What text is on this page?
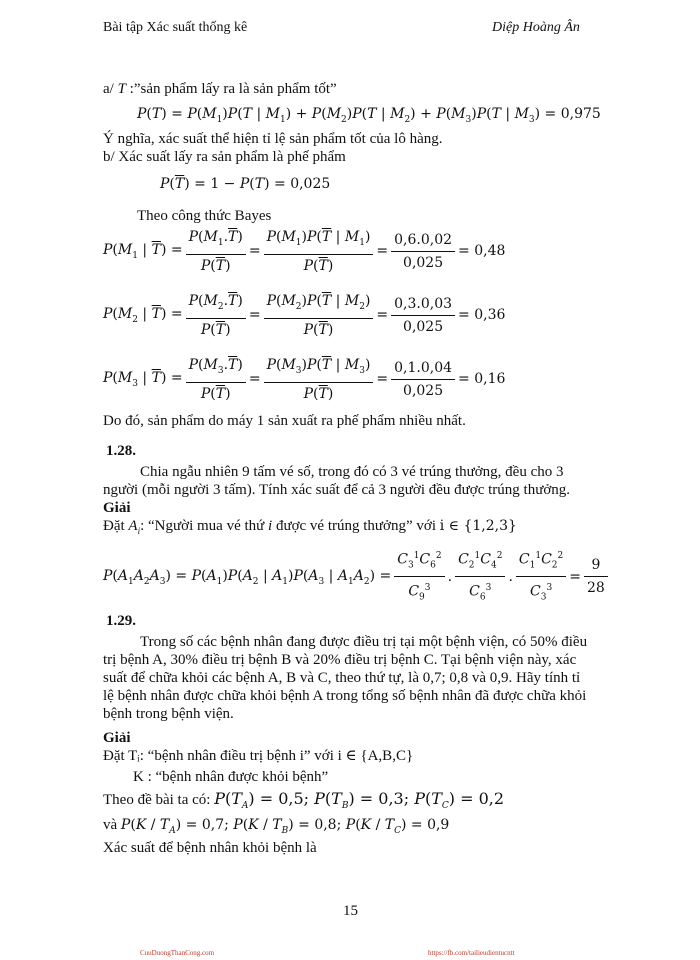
Bài tập Xác suất thống kê	Diệp Hoàng Ân
a/ T :”sản phẩm lấy ra là sản phẩm tốt”
$P(T) = P(M_1)P(T$ | $M_1) + P(M_2)P(T$ | $M_2) + P(M_3)P(T$ | $M_3) = 0,975$
Ý nghĩa, xác suất thể hiện tỉ lệ sản phẩm tốt của lô hàng.
b/ Xác suất lấy ra sản phẩm là phế phẩm
$P(\overline{T}) = 1 - P(T) = 0,025$
Theo công thức Bayes
$P(M_1$ | $\overline{T}) = \frac{P(M_1.\overline{T})}{P(\overline{T})} = \frac{P(M_1)P(\overline{T} | M_1)}{P(\overline{T})} = \frac{0,6.0,02}{0,025} = 0,48$
$P(M_2$ | $\overline{T}) = \frac{P(M_2.\overline{T})}{P(\overline{T})} = \frac{P(M_2)P(\overline{T} | M_2)}{P(\overline{T})} = \frac{0,3.0,03}{0,025} = 0,36$
$P(M_3$ | $\overline{T}) = \frac{P(M_3.\overline{T})}{P(\overline{T})} = \frac{P(M_3)P(\overline{T} | M_3)}{P(\overline{T})} = \frac{0,1.0,04}{0,025} = 0,16$
Do đó, sản phẩm do máy 1 sản xuất ra phế phẩm nhiều nhất.
1.28.
Chia ngẫu nhiên 9 tấm vé số, trong đó có 3 vé trúng thưởng, đều cho 3
người (mỗi người 3 tấm). Tính xác suất để cả 3 người đều được trúng thưởng.
Giải
Đặt $A_i$: “Người mua vé thứ i được vé trúng thưởng” với i ∈ {1,2,3}
$P(A_1A_2A_3) = P(A_1)P(A_2$ | $A_1)P(A_3$ | $A_1A_2) = \frac{C_3^1C_6^2}{C_9^3}$ . $\frac{C_2^1C_4^2}{C_6^3}$ . $\frac{C_1^1C_2^2}{C_3^3} = \frac{9}{28}$
1.29.
Trong số các bệnh nhân đang được điều trị tại một bệnh viện, có 50% điều
trị bệnh A, 30% điều trị bệnh B và 20% điều trị bệnh C. Tại bệnh viện này, xác
suất để chữa khỏi các bệnh A, B và C, theo thứ tự, là 0,7; 0,8 và 0,9. Hãy tính tỉ
lệ bệnh nhân được chữa khỏi bệnh A trong tổng số bệnh nhân đã được chữa khỏi
bệnh trong bệnh viện.
Giải
Đặt Tᵢ: “bệnh nhân điều trị bệnh i” với i ∈ {A,B,C}
K : “bệnh nhân được khỏi bệnh”
Theo đề bài ta có: $P(T_A) = 0,5$; $P(T_B) = 0,3$; $P(T_C) = 0,2$
và $P(K / T_A) = 0,7$; $P(K / T_B) = 0,8$; $P(K / T_C) = 0,9$
Xác suất để bệnh nhân khỏi bệnh là
15
CuuDuongThanCong.com	https://fb.com/tailieudientucntt
